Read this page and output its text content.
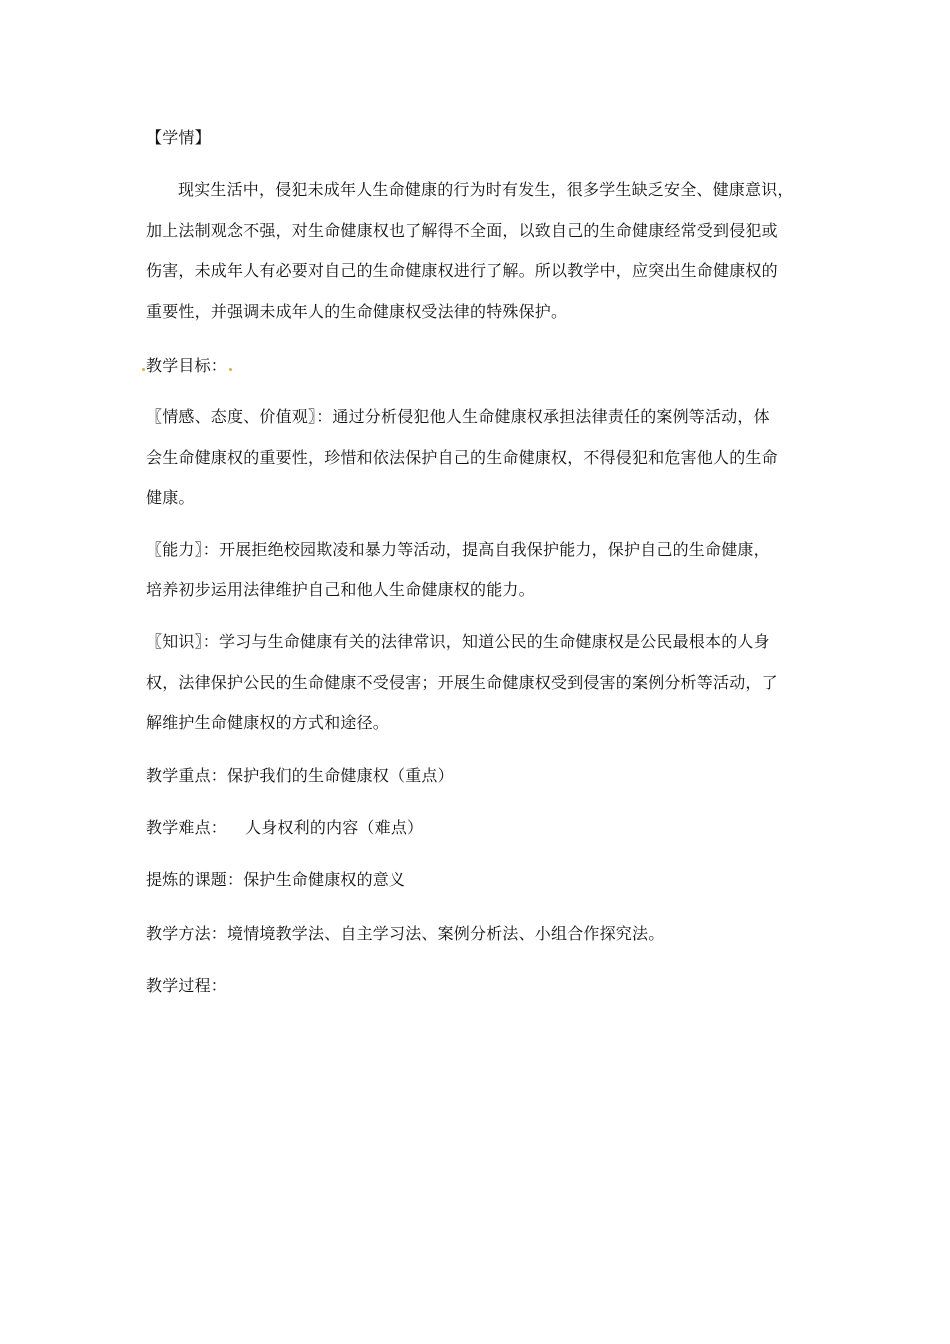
【学情】
现实生活中，侵犯未成年人生命健康的行为时有发生，很多学生缺乏安全、健康意识，
加上法制观念不强，对生命健康权也了解得不全面，以致自己的生命健康经常受到侵犯或
伤害，未成年人有必要对自己的生命健康权进行了解。所以教学中，应突出生命健康权的
重要性，并强调未成年人的生命健康权受法律的特殊保护。
教学目标：
〖情感、态度、价值观〗：通过分析侵犯他人生命健康权承担法律责任的案例等活动，体
会生命健康权的重要性，珍惜和依法保护自己的生命健康权，不得侵犯和危害他人的生命
健康。
〖能力〗：开展拒绝校园欺凌和暴力等活动，提高自我保护能力，保护自己的生命健康，
培养初步运用法律维护自己和他人生命健康权的能力。
〖知识〗：学习与生命健康有关的法律常识，知道公民的生命健康权是公民最根本的人身
权，法律保护公民的生命健康不受侵害；开展生命健康权受到侵害的案例分析等活动，了
解维护生命健康权的方式和途径。
教学重点：保护我们的生命健康权（重点）
教学难点： 人身权利的内容（难点）
提炼的课题：保护生命健康权的意义
教学方法：境情境教学法、自主学习法、案例分析法、小组合作探究法。
教学过程：
